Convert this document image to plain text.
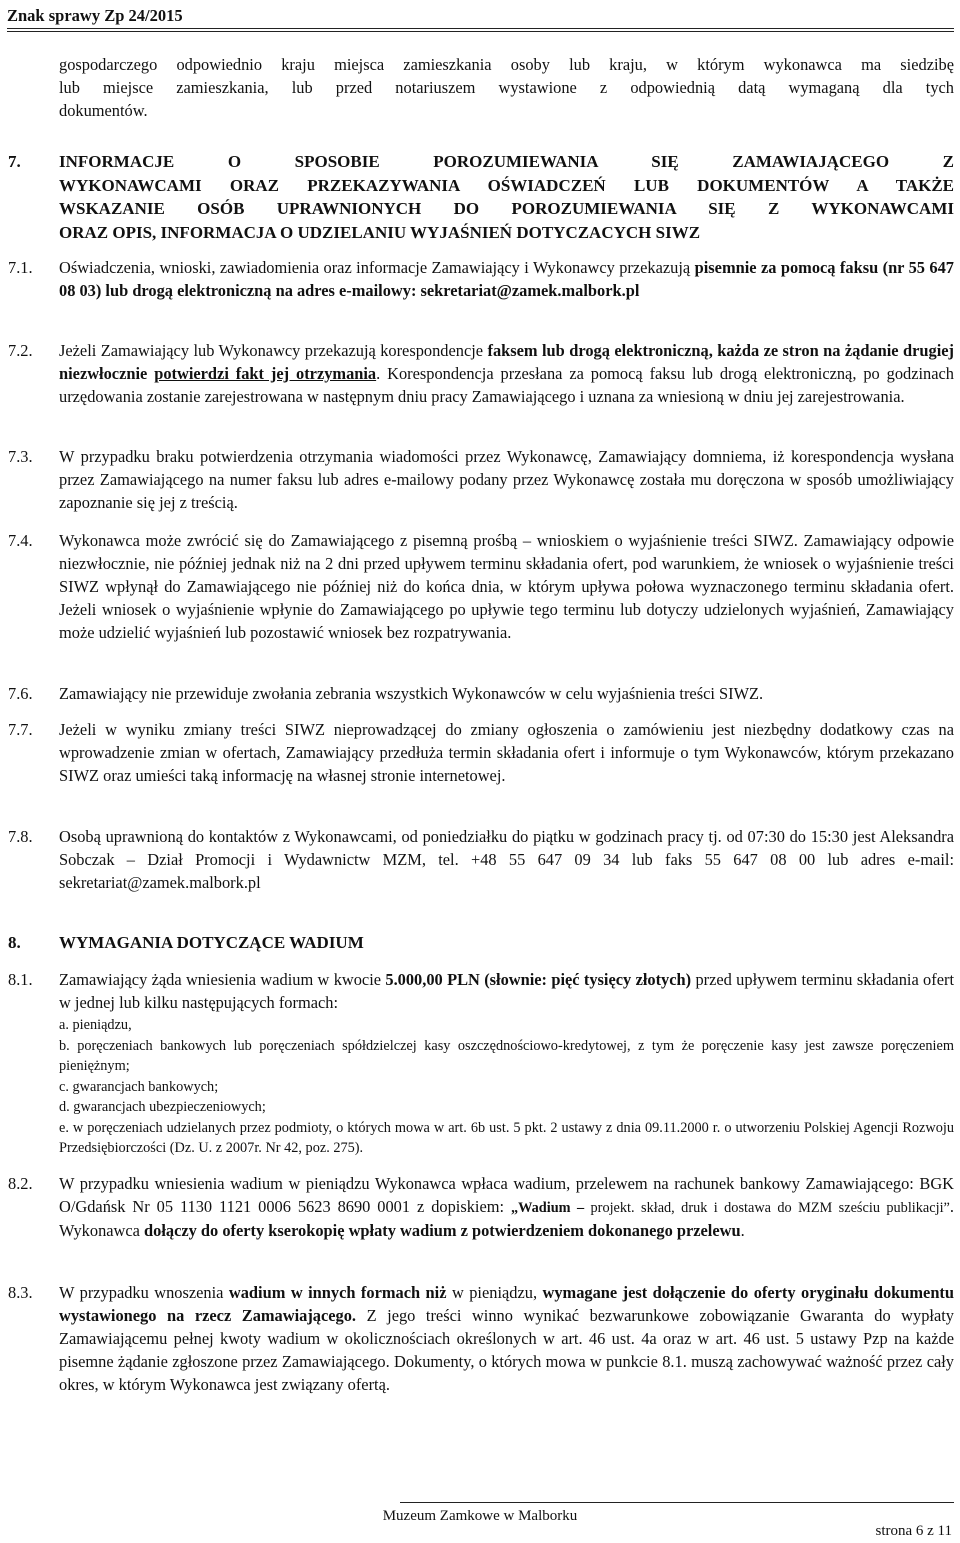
Znak sprawy Zp 24/2015
gospodarczego odpowiednio kraju miejsca zamieszkania osoby lub kraju, w którym wykonawca ma siedzibę
lub miejsce zamieszkania, lub przed notariuszem wystawione z odpowiednią datą wymaganą dla tych
dokumentów.
7. INFORMACJE O SPOSOBIE POROZUMIEWANIA SIĘ ZAMAWIAJĄCEGO Z
WYKONAWCAMI ORAZ PRZEKAZYWANIA OŚWIADCZEŃ LUB DOKUMENTÓW A TAKŻE
WSKAZANIE OSÓB UPRAWNIONYCH DO POROZUMIEWANIA SIĘ Z WYKONAWCAMI
ORAZ OPIS, INFORMACJA O UDZIELANIU WYJAŚNIEŃ DOTYCZACYCH SIWZ
7.1. Oświadczenia, wnioski, zawiadomienia oraz informacje Zamawiający i Wykonawcy przekazują pisemnie za pomocą faksu (nr 55 647 08 03) lub drogą elektroniczną na adres e-mailowy: sekretariat@zamek.malbork.pl
7.2. Jeżeli Zamawiający lub Wykonawcy przekazują korespondencje faksem lub drogą elektroniczną, każda ze stron na żądanie drugiej niezwłocznie potwierdzi fakt jej otrzymania. Korespondencja przesłana za pomocą faksu lub drogą elektroniczną, po godzinach urzędowania zostanie zarejestrowana w następnym dniu pracy Zamawiającego i uznana za wniesioną w dniu jej zarejestrowania.
7.3. W przypadku braku potwierdzenia otrzymania wiadomości przez Wykonawcę, Zamawiający domniema, iż korespondencja wysłana przez Zamawiającego na numer faksu lub adres e-mailowy podany przez Wykonawcę została mu doręczona w sposób umożliwiający zapoznanie się jej z treścią.
7.4. Wykonawca może zwrócić się do Zamawiającego z pisemną prośbą – wnioskiem o wyjaśnienie treści SIWZ. Zamawiający odpowie niezwłocznie, nie później jednak niż na 2 dni przed upływem terminu składania ofert, pod warunkiem, że wniosek o wyjaśnienie treści SIWZ wpłynął do Zamawiającego nie później niż do końca dnia, w którym upływa połowa wyznaczonego terminu składania ofert. Jeżeli wniosek o wyjaśnienie wpłynie do Zamawiającego po upływie tego terminu lub dotyczy udzielonych wyjaśnień, Zamawiający może udzielić wyjaśnień lub pozostawić wniosek bez rozpatrywania.
7.6. Zamawiający nie przewiduje zwołania zebrania wszystkich Wykonawców w celu wyjaśnienia treści SIWZ.
7.7. Jeżeli w wyniku zmiany treści SIWZ nieprowadzącej do zmiany ogłoszenia o zamówieniu jest niezbędny dodatkowy czas na wprowadzenie zmian w ofertach, Zamawiający przedłuża termin składania ofert i informuje o tym Wykonawców, którym przekazano SIWZ oraz umieści taką informację na własnej stronie internetowej.
7.8. Osobą uprawnioną do kontaktów z Wykonawcami, od poniedziałku do piątku w godzinach pracy tj. od 07:30 do 15:30 jest Aleksandra Sobczak – Dział Promocji i Wydawnictw MZM, tel. +48 55 647 09 34 lub faks 55 647 08 00 lub adres e-mail: sekretariat@zamek.malbork.pl
8. WYMAGANIA DOTYCZĄCE WADIUM
8.1. Zamawiający żąda wniesienia wadium w kwocie 5.000,00 PLN (słownie: pięć tysięcy złotych) przed upływem terminu składania ofert w jednej lub kilku następujących formach:
a. pieniądzu,
b. poręczeniach bankowych lub poręczeniach spółdzielczej kasy oszczędnościowo-kredytowej, z tym że poręczenie kasy jest zawsze poręczeniem pieniężnym;
c. gwarancjach bankowych;
d. gwarancjach ubezpieczeniowych;
e. w poręczeniach udzielanych przez podmioty, o których mowa w art. 6b ust. 5 pkt. 2 ustawy z dnia 09.11.2000 r. o utworzeniu Polskiej Agencji Rozwoju Przedsiębiorczości (Dz. U. z 2007r. Nr 42, poz. 275).
8.2. W przypadku wniesienia wadium w pieniądzu Wykonawca wpłaca wadium, przelewem na rachunek bankowy Zamawiającego: BGK O/Gdańsk Nr 05 1130 1121 0006 5623 8690 0001 z dopiskiem: „Wadium – projekt. skład, druk i dostawa do MZM sześciu publikacji”. Wykonawca dołączy do oferty kserokopię wpłaty wadium z potwierdzeniem dokonanego przelewu.
8.3. W przypadku wnoszenia wadium w innych formach niż w pieniądzu, wymagane jest dołączenie do oferty oryginału dokumentu wystawionego na rzecz Zamawiającego. Z jego treści winno wynikać bezwarunkowe zobowiązanie Gwaranta do wypłaty Zamawiającemu pełnej kwoty wadium w okolicznościach określonych w art. 46 ust. 4a oraz w art. 46 ust. 5 ustawy Pzp na każde pisemne żądanie zgłoszone przez Zamawiającego. Dokumenty, o których mowa w punkcie 8.1. muszą zachowywać ważność przez cały okres, w którym Wykonawca jest związany ofertą.
Muzeum Zamkowe w Malborku
strona 6 z 11
